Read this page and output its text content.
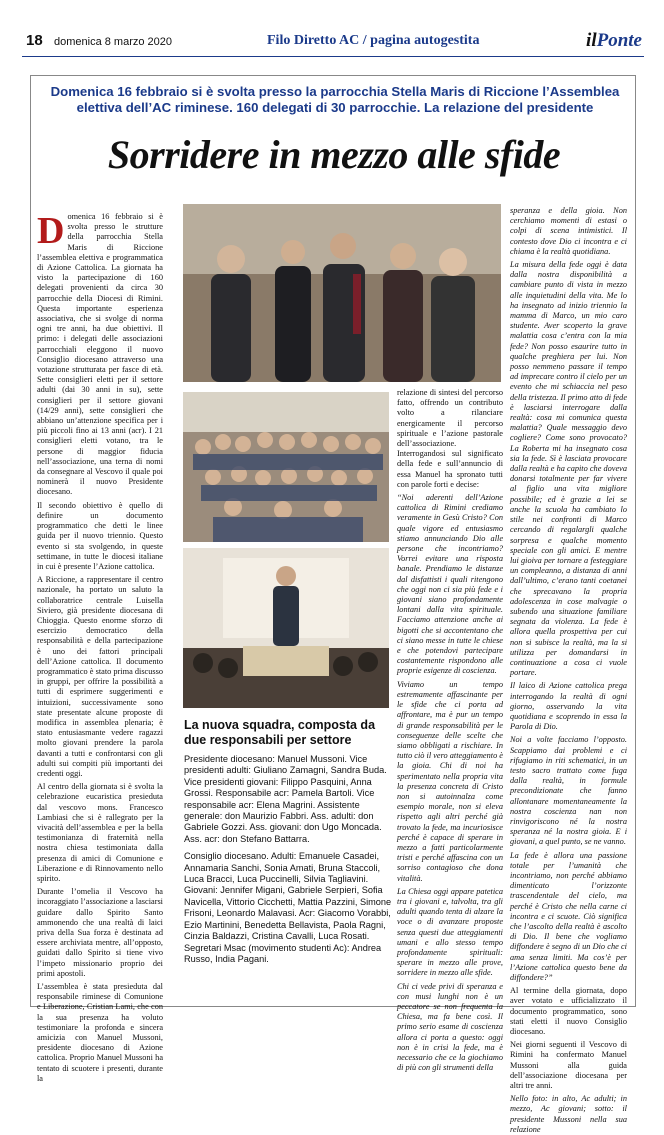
18 domenica 8 marzo 2020	Filo Diretto AC / pagina autogestita	ilPonte
Domenica 16 febbraio si è svolta presso la parrocchia Stella Maris di Riccione l’Assemblea elettiva dell’AC riminese. 160 delegati di 30 parrocchie. La relazione del presidente
Sorridere in mezzo alle sfide

Domenica 16 febbraio si è svolta presso le strutture della parrocchia Stella Maris di Riccione l’assemblea elettiva e programmatica di Azione Cattolica. La giornata ha visto la partecipazione di 160 delegati provenienti da circa 30 parrocchie della Diocesi di Rimini. Questa importante esperienza associativa, che si svolge di norma ogni tre anni, ha due obiettivi. Il primo: i delegati delle associazioni parrocchiali eleggono il nuovo Consiglio diocesano attraverso una votazione strutturata per fasce di età. Sette consiglieri eletti per il settore adulti (dai 30 anni in su), sette consiglieri per il settore giovani (14/29 anni), sette consiglieri che abbiano un’attenzione specifica per i più piccoli fino ai 13 anni (acr). I 21 consiglieri eletti votano, tra le persone di maggior fiducia nell’associazione, una terna di nomi da consegnare al Vescovo il quale poi nominerà il nuovo Presidente diocesano.

Il secondo obiettivo è quello di definire un documento programmatico che detti le linee guida per il nuovo triennio. Questo evento si sta svolgendo, in queste settimane, in tutte le diocesi italiane in cui è presente l’Azione cattolica.

A Riccione, a rappresentare il centro nazionale, ha portato un saluto la collaboratrice centrale Luisella Siviero, già presidente diocesana di Chioggia. Questo enorme sforzo di esercizio democratico della responsabilità e della partecipazione è uno dei fattori principali dell’Azione cattolica. Il documento programmatico è stato prima discusso in gruppi, per offrire la possibilità a tutti di esprimere suggerimenti e intuizioni, successivamente sono state presentate alcune proposte di modifica in assemblea plenaria; è stato entusiasmante vedere ragazzi molto giovani prendere la parola davanti a tutti e confrontarsi con gli adulti sui compiti più importanti dei credenti oggi.

Al centro della giornata si è svolta la celebrazione eucaristica presieduta dal vescovo mons. Francesco Lambiasi che si è rallegrato per la vivacità dell’assemblea e per la bella testimonianza di fraternità nella nostra chiesa testimoniata dalla presenza di amici di Comunione e Liberazione e di Rinnovamento nello spirito.

Durante l’omelia il Vescovo ha incoraggiato l’associazione a lasciarsi guidare dallo Spirito Santo ammonendo che una realtà di laici priva della Sua forza è destinata ad essere archiviata mentre, all’opposto, guidati dallo Spirito si tiene vivo l’impeto missionario proprio dei primi apostoli.

L’assemblea è stata presieduta dal responsabile riminese di Comunione e Liberazione, Cristian Lami, che con la sua presenza ha voluto testimoniare la profonda e sincera amicizia con Manuel Mussoni, presidente diocesano di Azione cattolica. Proprio Manuel Mussoni ha tentato di scuotere i presenti, durante la

relazione di sintesi del percorso fatto, offrendo un contributo volto a rilanciare energicamente il percorso spirituale e l’azione pastorale dell’associazione. Interrogandosi sul significato della fede e sull’annuncio di essa Manuel ha spronato tutti con parole forti e decise:

“Noi aderenti dell’Azione cattolica di Rimini crediamo veramente in Gesù Cristo? Con quale vigore ed entusiasmo stiamo annunciando Dio alle persone che incontriamo? Vorrei evitare una risposta banale. Prendiamo le distanze dal disfattisti i quali ritengono che oggi non ci sia più fede e i giovani siano profondamente lontani dalla vita spirituale. Facciamo attenzione anche ai bigotti che si accontentano che ci siano messe in tutte le chiese e che potendovi partecipare costantemente rispondono alle proprie esigenze di coscienza.

Viviamo un tempo estremamente affascinante per le sfide che ci porta ad affrontare, ma è pur un tempo di grande responsabilità per le conseguenze delle scelte che siamo obbligati a rischiare. In tutto ciò il vero atteggiamento è la gioia. Chi di noi ha sperimentato nella propria vita la presenza concreta di Cristo non si autoinnalza come esempio morale, non si eleva rispetto agli altri perché già trovato la fede, ma incuriosisce perché è capace di sperare in mezzo a fatti particolarmente tristi e perché affascina con un sorriso contagioso che dona vitalità.

La Chiesa oggi appare patetica tra i giovani e, talvolta, tra gli adulti quando tenta di alzare la voce o di avanzare proposte senza questi due atteggiamenti umani e allo stesso tempo profondamente spirituali: sperare in mezzo alle prove, sorridere in mezzo alle sfide.

Chi ci vede privi di speranza e con musi lunghi non è un peccatore se non frequenta la Chiesa, ma fa bene così. Il primo serio esame di coscienza allora ci porta a questo: oggi non è in crisi la fede, ma è necessario che ce la giochiamo di più con gli strumenti della

speranza e della gioia. Non cerchiamo momenti di estasi o colpi di scena intimistici. Il contesto dove Dio ci incontra e ci chiama è la realtà quotidiana.

La misura della fede oggi è data dalla nostra disponibilità a cambiare punto di vista in mezzo alle inquietudini della vita. Me lo ha insegnato ad inizio triennio la mamma di Marco, un mio caro studente. Aver scoperto la grave malattia cosa c’entra con la mia fede? Non posso esaurire tutto in qualche preghiera per lui. Non posso nemmeno passare il tempo ad imprecare contro il cielo per un evento che mi schiaccia nel peso della tristezza. Il primo atto di fede è lasciarsi interrogare dalla realtà: cosa mi comunica questa malattia? Quale messaggio devo cogliere? Come sono provocato? La Roberta mi ha insegnato cosa sia la fede. Sì è lasciata provocare dalla realtà e ha capito che doveva donarsi totalmente per far vivere al figlio una vita migliore possibile; ed è grazie a lei se anche la scuola ha cambiato lo stile nei confronti di Marco cercando di regalargli qualche sorpresa e qualche momento speciale con gli amici. E mentre lui gioiva per tornare a festeggiare un compleanno, a distanza di anni dall’ultimo, c’erano tanti coetanei che sprecavano la propria adolescenza in cose malvagie o subendo una situazione familiare segnata da violenza. La fede è allora quella prospettiva per cui non si subisce la realtà, ma la si utilizza per domandarsi in continuazione a cosa ci vuole portare.

Il laico di Azione cattolica prega interrogando la realtà di ogni giorno, osservando la vita quotidiana e scoprendo in essa la Parola di Dio.

Noi a volte facciamo l’opposto. Scappiamo dai problemi e ci rifugiamo in riti schematici, in un testo sacro trattato come fuga dalla realtà, in formule precondizionate che fanno allontanare momentaneamente la nostra coscienza nan non rinvigoriscono né la nostra speranza né la nostra gioia. E i giovani, a quel punto, se ne vanno.

La fede è allora una passione totale per l’umanità che incontriamo, non perché abbiamo dimenticato l’orizzonte trascendentale del cielo, ma perché è Cristo che nella carne ci incontra e ci scuote. Ciò significa che l’ascolto della realtà è ascolto di Dio. Il bene che vogliamo diffondere è segno di un Dio che ci ama senza limiti. Ma cos’è per l’Azione cattolica questo bene da diffondere?”

Al termine della giornata, dopo aver votato e ufficializzato il documento programmatico, sono stati eletti il nuovo Consiglio diocesano.

Nei giorni seguenti il Vescovo di Rimini ha confermato Manuel Mussoni alla guida dell’associazione diocesana per altri tre anni.

Nello foto: in alto, Ac adulti; in mezzo, Ac giovani; sotto: il presidente Mussoni nella sua relazione

La nuova squadra, composta da due responsabili per settore

Presidente diocesano: Manuel Mussoni. Vice presidenti adulti: Giuliano Zamagni, Sandra Buda. Vice presidenti giovani: Filippo Pasquini, Anna Grossi. Responsabile acr: Pamela Bartoli. Vice responsabile acr: Elena Magrini. Assistente generale: don Maurizio Fabbri. Ass. adulti: don Gabriele Gozzi. Ass. giovani: don Ugo Moncada. Ass. acr: don Stefano Battarra.

Consiglio diocesano. Adulti: Emanuele Casadei, Annamaria Sanchi, Sonia Amati, Bruna Staccoli, Luca Bracci, Luca Puccinelli, Silvia Tagliavini. Giovani: Jennifer Migani, Gabriele Serpieri, Sofia Navicella, Vittorio Cicchetti, Mattia Pazzini, Simone Frisoni, Leonardo Malavasi. Acr: Giacomo Vorabbi, Ezio Martinini, Benedetta Bellavista, Paola Ragni, Cinzia Baldazzi, Cristina Cavalli, Luca Rosati. Segretari Msac (movimento studenti Ac): Andrea Russo, India Pagani.
